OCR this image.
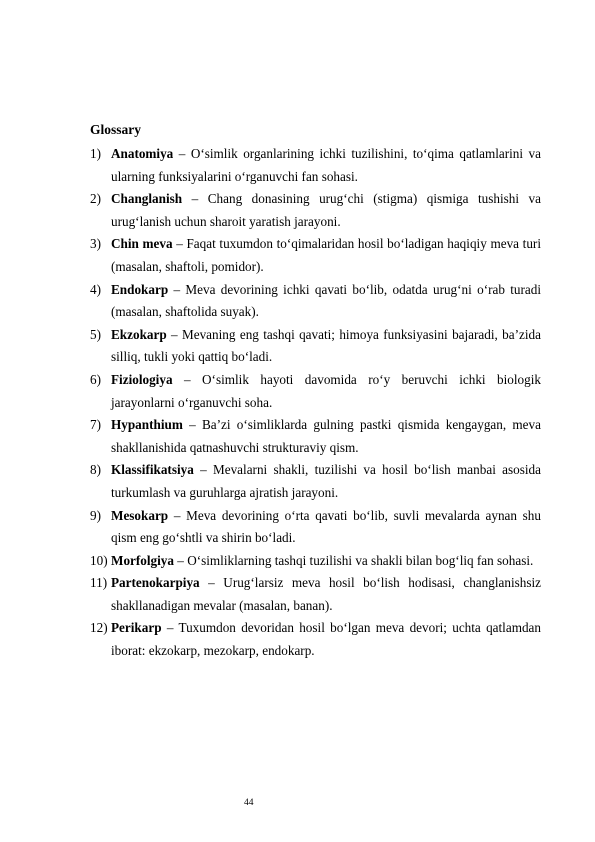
Glossary

1) Anatomiya – O‘simlik organlarining ichki tuzilishini, to‘qima qatlamlarini va ularning funksiyalarini o‘rganuvchi fan sohasi.
2) Changlanish – Chang donasining urug‘chi (stigma) qismiga tushishi va urug‘lanish uchun sharoit yaratish jarayoni.
3) Chin meva – Faqat tuxumdon to‘qimalaridan hosil bo‘ladigan haqiqiy meva turi (masalan, shaftoli, pomidor).
4) Endokarp – Meva devorining ichki qavati bo‘lib, odatda urug‘ni o‘rab turadi (masalan, shaftolida suyak).
5) Ekzokarp – Mevaning eng tashqi qavati; himoya funksiyasini bajaradi, ba’zida silliq, tukli yoki qattiq bo‘ladi.
6) Fiziologiya – O‘simlik hayoti davomida ro‘y beruvchi ichki biologik jarayonlarni o‘rganuvchi soha.
7) Hypanthium – Ba’zi o‘simliklarda gulning pastki qismida kengaygan, meva shakllanishida qatnashuvchi strukturaviy qism.
8) Klassifikatsiya – Mevalarni shakli, tuzilishi va hosil bo‘lish manbai asosida turkumlash va guruhlarga ajratish jarayoni.
9) Mesokarp – Meva devorining o‘rta qavati bo‘lib, suvli mevalarda aynan shu qism eng go‘shtli va shirin bo‘ladi.
10) Morfolgiya – O‘simliklarning tashqi tuzilishi va shakli bilan bog‘liq fan sohasi.
11) Partenokarpiya – Urug‘larsiz meva hosil bo‘lish hodisasi, changlanishsiz shakllanadigan mevalar (masalan, banan).
12) Perikarp – Tuxumdon devoridan hosil bo‘lgan meva devori; uchta qatlamdan iborat: ekzokarp, mezokarp, endokarp.
44
